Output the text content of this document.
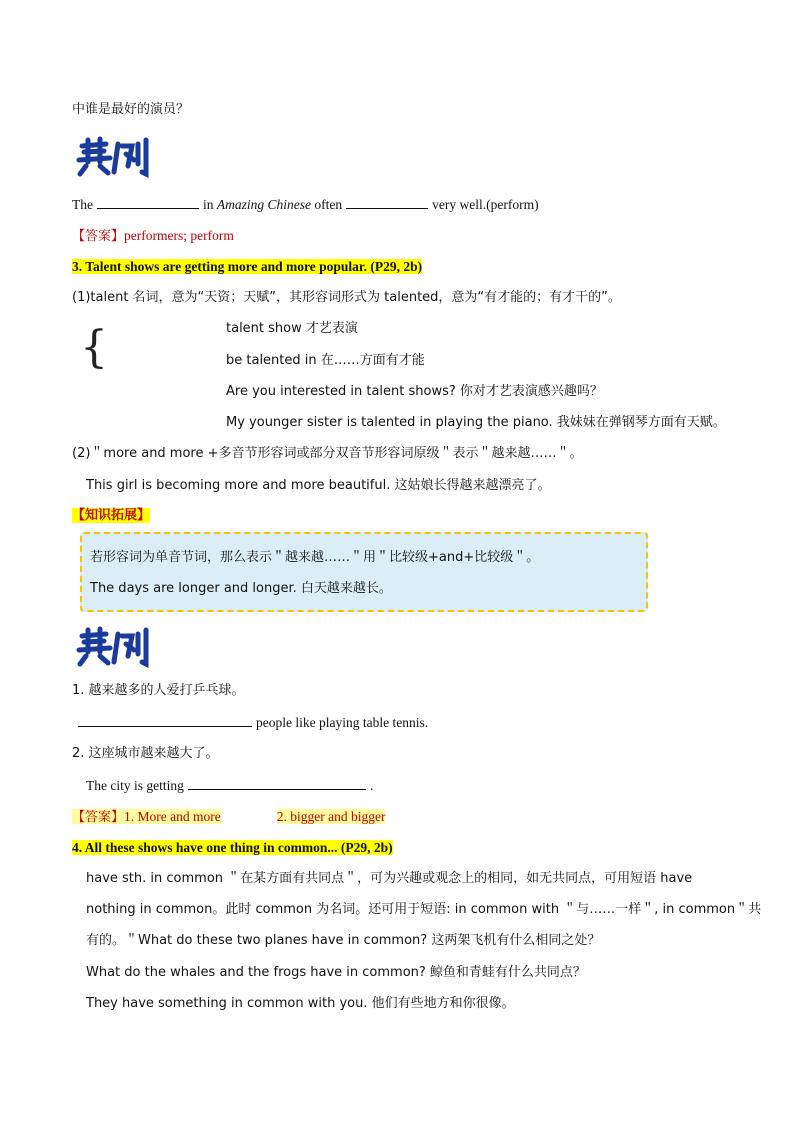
中谁是最好的演员？
The	in Amazing Chinese often	very well.(perform)
【答案】performers; perform
3. Talent shows are getting more and more popular. (P29, 2b)
(1)talent 名词，意为“天资；天赋”，其形容词形式为 talented，意为“有才能的；有才干的”。
{	talent show 才艺表演
be talented in 在……方面有才能
Are you interested in talent shows? 你对才艺表演感兴趣吗？
My younger sister is talented in playing the piano. 我妹妹在弹钢琴方面有天赋。
(2)＂more and more +多音节形容词或部分双音节形容词原级＂表示＂越来越……＂。
This girl is becoming more and more beautiful. 这姑娘长得越来越漂亮了。
【知识拓展】
若形容词为单音节词，那么表示＂越来越……＂用＂比较级+and+比较级＂。
The days are longer and longer. 白天越来越长。
1. 越来越多的人爱打乒乓球。
people like playing table tennis.
2. 这座城市越来越大了。
The city is getting	.
【答案】1. More and more	2. bigger and bigger
4. All these shows have one thing in common... (P29, 2b)
have sth. in common ＂在某方面有共同点＂，可为兴趣或观念上的相同，如无共同点，可用短语 have
nothing in common。此时 common 为名词。还可用于短语: in common with ＂与……一样＂, in common＂共
有的。＂What do these two planes have in common? 这两架飞机有什么相同之处？
What do the whales and the frogs have in common? 鲸鱼和青蛙有什么共同点？
They have something in common with you. 他们有些地方和你很像。
